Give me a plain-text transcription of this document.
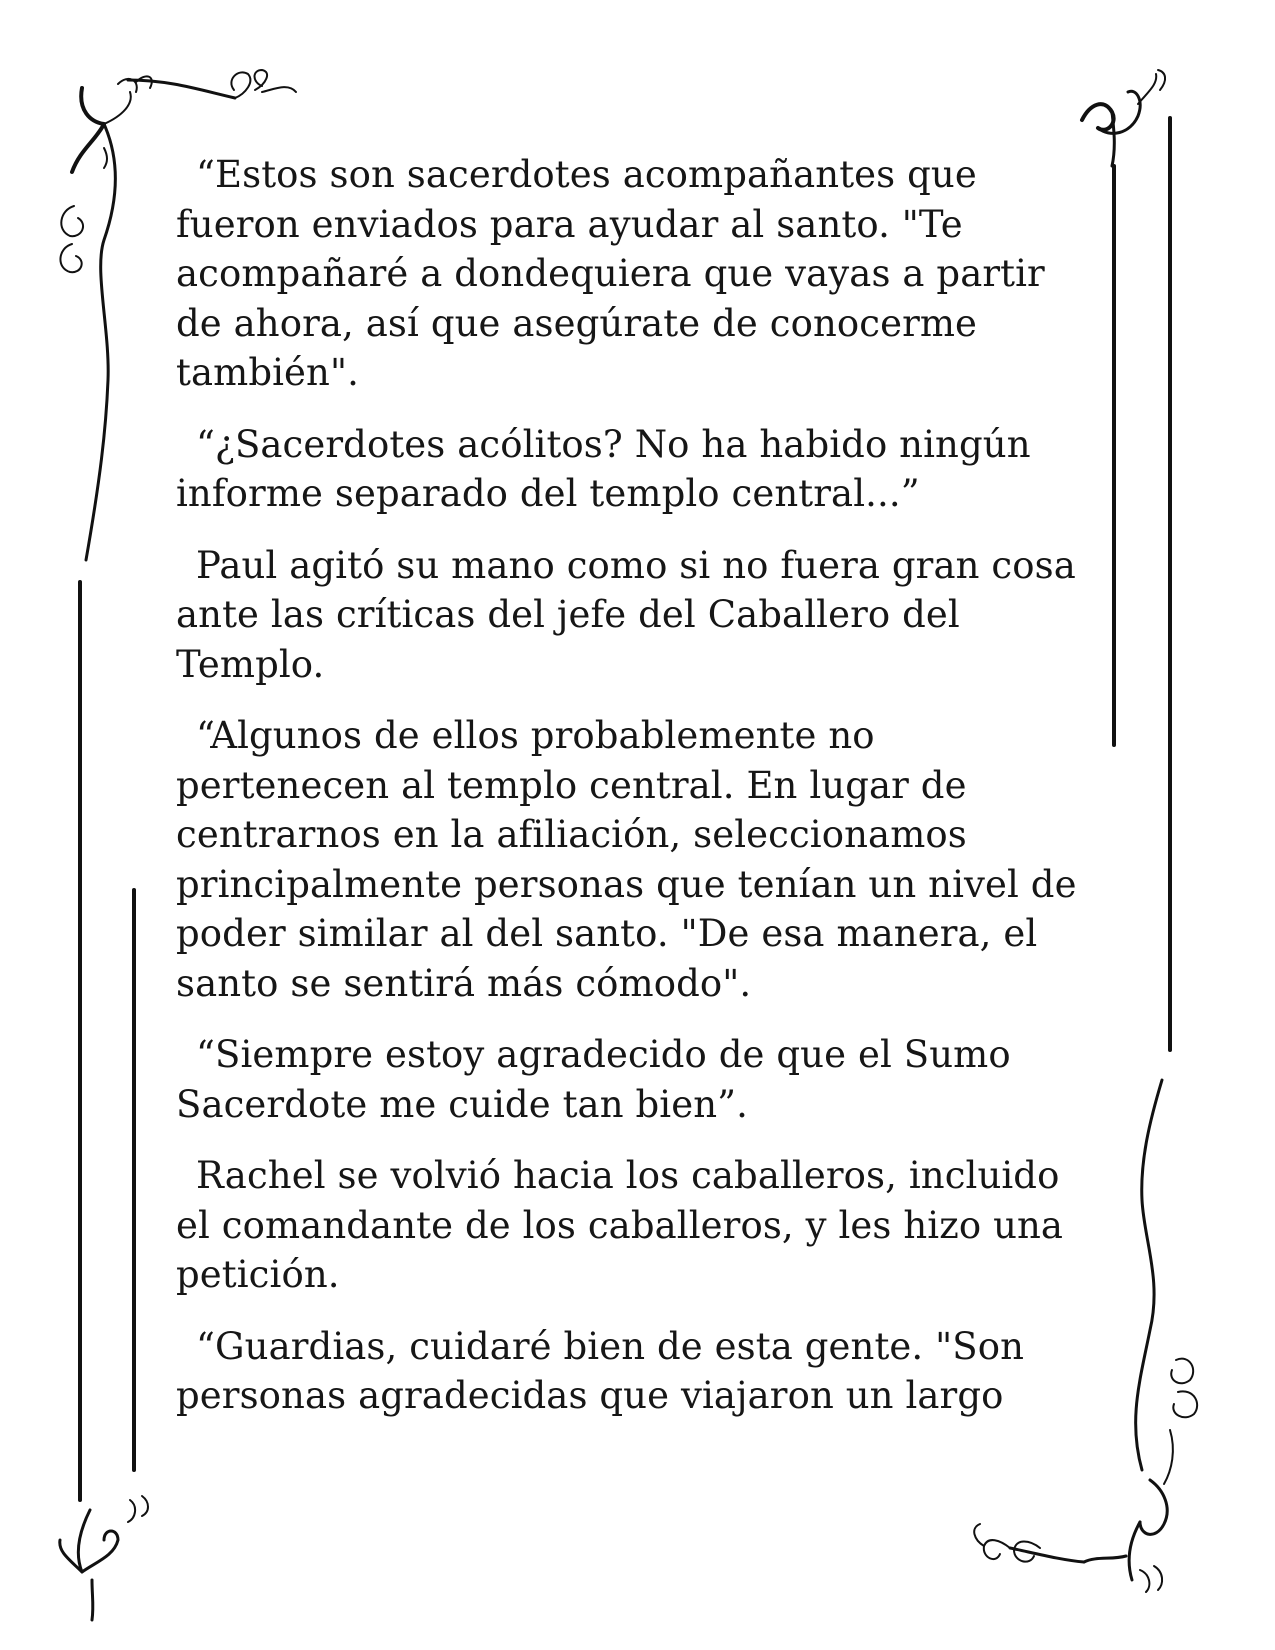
“Estos son sacerdotes acompañantes que
fueron enviados para ayudar al santo. "Te
acompañaré a dondequiera que vayas a partir
de ahora, así que asegúrate de conocerme
también".

“¿Sacerdotes acólitos? No ha habido ningún
informe separado del templo central...”

Paul agitó su mano como si no fuera gran cosa
ante las críticas del jefe del Caballero del
Templo.

“Algunos de ellos probablemente no
pertenecen al templo central. En lugar de
centrarnos en la afiliación, seleccionamos
principalmente personas que tenían un nivel de
poder similar al del santo. "De esa manera, el
santo se sentirá más cómodo".

“Siempre estoy agradecido de que el Sumo
Sacerdote me cuide tan bien”.

Rachel se volvió hacia los caballeros, incluido
el comandante de los caballeros, y les hizo una
petición.

“Guardias, cuidaré bien de esta gente. "Son
personas agradecidas que viajaron un largo
